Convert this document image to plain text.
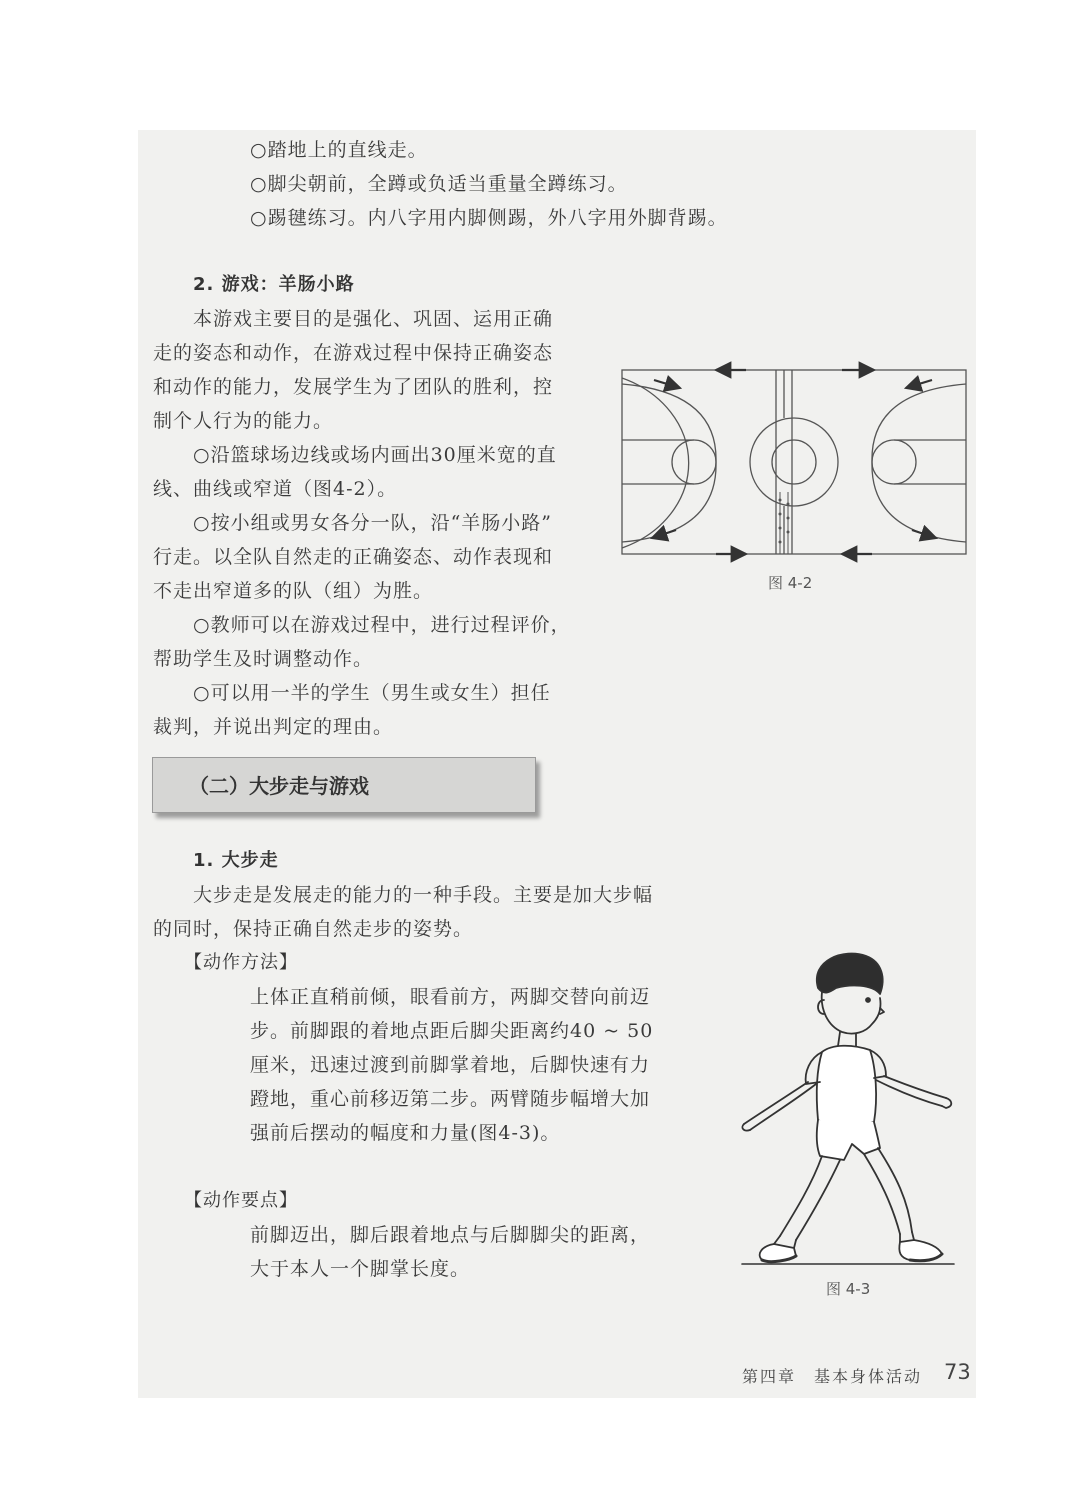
○踏地上的直线走。
○脚尖朝前，全蹲或负适当重量全蹲练习。
○踢毽练习。内八字用内脚侧踢，外八字用外脚背踢。
2. 游戏：羊肠小路
本游戏主要目的是强化、巩固、运用正确
走的姿态和动作，在游戏过程中保持正确姿态
和动作的能力，发展学生为了团队的胜利，控
制个人行为的能力。
○沿篮球场边线或场内画出30厘米宽的直
线、曲线或窄道（图4-2）。
○按小组或男女各分一队，沿“羊肠小路”
行走。以全队自然走的正确姿态、动作表现和
不走出窄道多的队（组）为胜。
○教师可以在游戏过程中，进行过程评价，
帮助学生及时调整动作。
○可以用一半的学生（男生或女生）担任
裁判，并说出判定的理由。
图 4-2
（二）大步走与游戏
1. 大步走
大步走是发展走的能力的一种手段。主要是加大步幅
的同时，保持正确自然走步的姿势。
【动作方法】
上体正直稍前倾，眼看前方，两脚交替向前迈
步。前脚跟的着地点距后脚尖距离约40 ~ 50
厘米，迅速过渡到前脚掌着地，后脚快速有力
蹬地，重心前移迈第二步。两臂随步幅增大加
强前后摆动的幅度和力量(图4-3)。
【动作要点】
前脚迈出，脚后跟着地点与后脚脚尖的距离，
大于本人一个脚掌长度。
图 4-3
第四章　基本身体活动 73
